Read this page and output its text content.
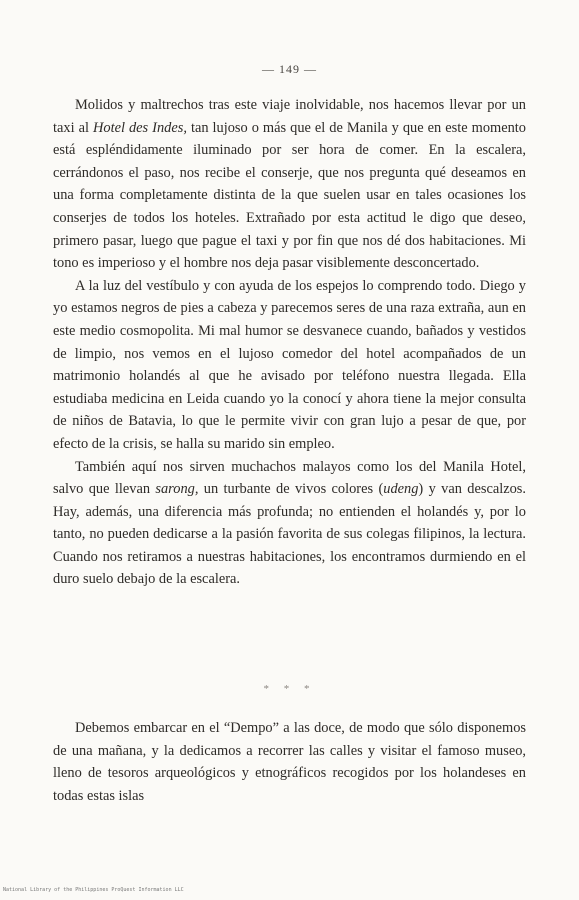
— 149 —

Molidos y maltrechos tras este viaje inolvidable, nos hacemos llevar por un taxi al Hotel des Indes, tan lujoso o más que el de Manila y que en este momento está espléndidamente iluminado por ser hora de comer. En la escalera, cerrándonos el paso, nos recibe el conserje, que nos pregunta qué deseamos en una forma completamente distinta de la que suelen usar en tales ocasiones los conserjes de todos los hoteles. Extrañado por esta actitud le digo que deseo, primero pasar, luego que pague el taxi y por fin que nos dé dos habitaciones. Mi tono es imperioso y el hombre nos deja pasar visiblemente desconcertado.

A la luz del vestíbulo y con ayuda de los espejos lo comprendo todo. Diego y yo estamos negros de pies a cabeza y parecemos seres de una raza extraña, aun en este medio cosmopolita. Mi mal humor se desvanece cuando, bañados y vestidos de limpio, nos vemos en el lujoso comedor del hotel acompañados de un matrimonio holandés al que he avisado por teléfono nuestra llegada. Ella estudiaba medicina en Leida cuando yo la conocí y ahora tiene la mejor consulta de niños de Batavia, lo que le permite vivir con gran lujo a pesar de que, por efecto de la crisis, se halla su marido sin empleo.

También aquí nos sirven muchachos malayos como los del Manila Hotel, salvo que llevan sarong, un turbante de vivos colores (udeng) y van descalzos. Hay, además, una diferencia más profunda; no entienden el holandés y, por lo tanto, no pueden dedicarse a la pasión favorita de sus colegas filipinos, la lectura. Cuando nos retiramos a nuestras habitaciones, los encontramos durmiendo en el duro suelo debajo de la escalera.

* * *

Debemos embarcar en el “Dempo” a las doce, de modo que sólo disponemos de una mañana, y la dedicamos a recorrer las calles y visitar el famoso museo, lleno de tesoros arqueológicos y etnográficos recogidos por los holandeses en todas estas islas

National Library of the Philippines ProQuest Information LLC
